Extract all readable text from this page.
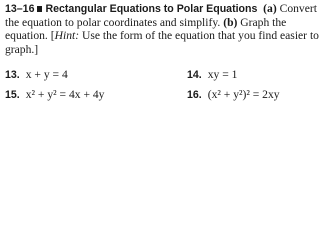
13–16 Rectangular Equations to Polar Equations (a) Convert the equation to polar coordinates and simplify. (b) Graph the equation. [Hint: Use the form of the equation that you find easier to graph.]

13. x + y = 4	14. xy = 1
15. x² + y² = 4x + 4y	16. (x² + y²)² = 2xy
